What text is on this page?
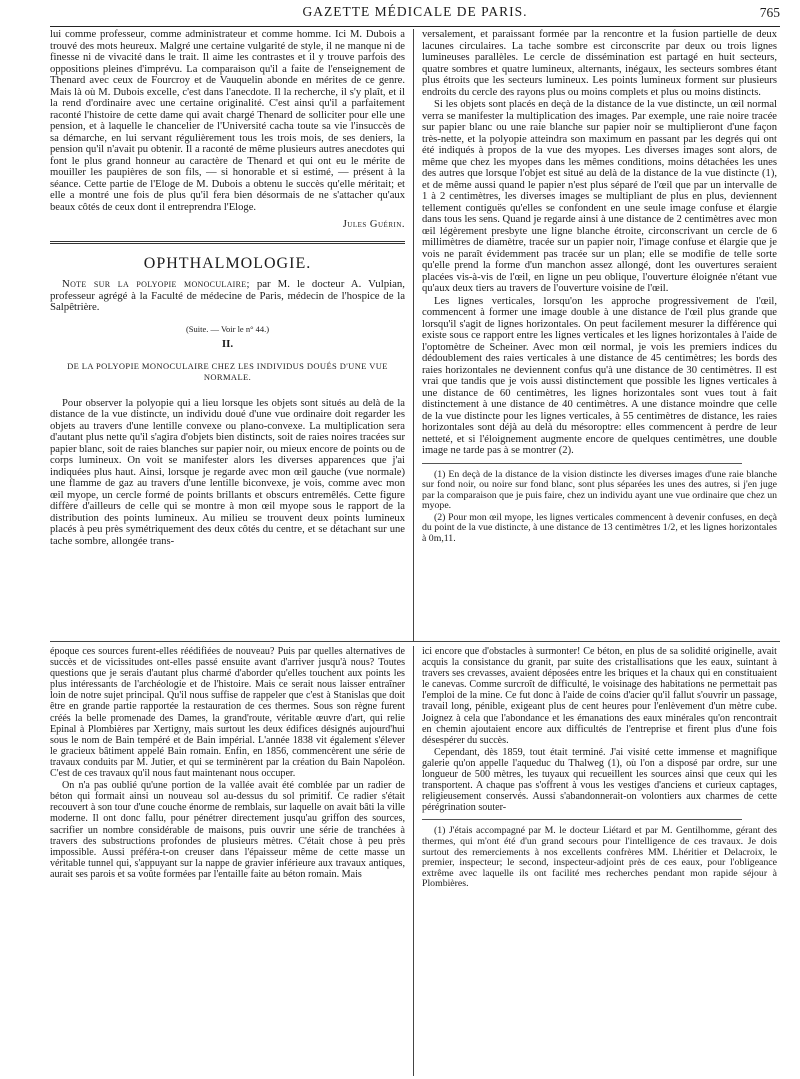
GAZETTE MÉDICALE DE PARIS.	765

lui comme professeur, comme administrateur et comme homme. Ici M. Dubois a trouvé des mots heureux. Malgré une certaine vulgarité de style, il ne manque ni de finesse ni de vivacité dans le trait. Il aime les contrastes et il y trouve parfois des oppositions pleines d'imprévu. La comparaison qu'il a faite de l'enseignement de Thenard avec ceux de Fourcroy et de Vauquelin abonde en mérites de ce genre. Mais là où M. Dubois excelle, c'est dans l'anecdote. Il la recherche, il s'y plaît, et il la rend d'ordinaire avec une certaine originalité. C'est ainsi qu'il a parfaitement raconté l'histoire de cette dame qui avait chargé Thenard de solliciter pour elle une pension, et à laquelle le chancelier de l'Université cacha toute sa vie l'insuccès de sa démarche, en lui servant régulièrement tous les trois mois, de ses deniers, la pension qu'il n'avait pu obtenir. Il a raconté de même plusieurs autres anecdotes qui font le plus grand honneur au caractère de Thenard et qui ont eu le mérite de mouiller les paupières de son fils, — si honorable et si estimé, — présent à la séance. Cette partie de l'Eloge de M. Dubois a obtenu le succès qu'elle méritait; et elle a montré une fois de plus qu'il fera bien désormais de ne s'attacher qu'aux beaux côtés de ceux dont il entreprendra l'Eloge.

Jules Guérin.
OPHTHALMOLOGIE.
Note sur la polyopie monoculaire; par M. le docteur A. Vulpian, professeur agrégé à la Faculté de médecine de Paris, médecin de l'hospice de la Salpêtrière.
(Suite. — Voir le n° 44.)
II.
DE LA POLYOPIE MONOCULAIRE CHEZ LES INDIVIDUS DOUÉS D'UNE VUE NORMALE.

Pour observer la polyopie qui a lieu lorsque les objets sont situés au delà de la distance de la vue distincte, un individu doué d'une vue ordinaire doit regarder les objets au travers d'une lentille convexe ou plano-convexe. La multiplication sera d'autant plus nette qu'il s'agira d'objets bien distincts, soit de raies noires tracées sur papier blanc, soit de raies blanches sur papier noir, ou mieux encore de points ou de corps lumineux. On voit se manifester alors les diverses apparences que j'ai indiquées plus haut. Ainsi, lorsque je regarde avec mon œil gauche (vue normale) une flamme de gaz au travers d'une lentille biconvexe, je vois, comme avec mon œil myope, un cercle formé de points brillants et obscurs entremêlés. Cette figure diffère d'ailleurs de celle qui se montre à mon œil myope sous le rapport de la distribution des points lumineux. Au milieu se trouvent deux points lumineux placés à peu près symétriquement des deux côtés du centre, et se détachant sur une tache sombre, allongée trans-

versalement, et paraissant formée par la rencontre et la fusion partielle de deux lacunes circulaires. La tache sombre est circonscrite par deux ou trois lignes lumineuses parallèles. Le cercle de dissémination est partagé en huit secteurs, quatre sombres et quatre lumineux, alternants, inégaux, les secteurs sombres étant plus étroits que les secteurs lumineux. Les points lumineux forment sur plusieurs endroits du cercle des rayons plus ou moins complets et plus ou moins distincts.

Si les objets sont placés en deçà de la distance de la vue distincte, un œil normal verra se manifester la multiplication des images. Par exemple, une raie noire tracée sur papier blanc ou une raie blanche sur papier noir se multiplieront d'une façon très-nette, et la polyopie atteindra son maximum en passant par les degrés qui ont été indiqués à propos de la vue des myopes. Les diverses images sont alors, de même que chez les myopes dans les mêmes conditions, moins détachées les unes des autres que lorsque l'objet est situé au delà de la distance de la vue distincte (1), et de même aussi quand le papier n'est plus séparé de l'œil que par un intervalle de 1 à 2 centimètres, les diverses images se multipliant de plus en plus, deviennent tellement contiguës qu'elles se confondent en une seule image confuse et élargie dans tous les sens. Quand je regarde ainsi à une distance de 2 centimètres avec mon œil légèrement presbyte une ligne blanche étroite, circonscrivant un cercle de 6 millimètres de diamètre, tracée sur un papier noir, l'image confuse et élargie que je vois ne paraît évidemment pas tracée sur un plan; elle se modifie de telle sorte qu'elle prend la forme d'un manchon assez allongé, dont les ouvertures seraient placées vis-à-vis de l'œil, en ligne un peu oblique, l'ouverture éloignée n'étant vue qu'aux deux tiers au travers de l'ouverture voisine de l'œil.

Les lignes verticales, lorsqu'on les approche progressivement de l'œil, commencent à former une image double à une distance de l'œil plus grande que lorsqu'il s'agit de lignes horizontales. On peut facilement mesurer la différence qui existe sous ce rapport entre les lignes verticales et les lignes horizontales à l'aide de l'optomètre de Scheiner. Avec mon œil normal, je vois les premiers indices du dédoublement des raies verticales à une distance de 45 centimètres; les bords des raies horizontales ne deviennent confus qu'à une distance de 30 centimètres. Il est vrai que tandis que je vois aussi distinctement que possible les lignes verticales à une distance de 60 centimètres, les lignes horizontales sont vues tout à fait distinctement à une distance de 40 centimètres. A une distance moindre que celle de la vue distincte pour les lignes verticales, à 55 centimètres de distance, les raies horizontales sont déjà au delà du mésoroptre: elles commencent à perdre de leur netteté, et si l'éloignement augmente encore de quelques centimètres, une double image ne tarde pas à se montrer (2).

(1) En deçà de la distance de la vision distincte les diverses images d'une raie blanche sur fond noir, ou noire sur fond blanc, sont plus séparées les unes des autres, si j'en juge par la comparaison que je puis faire, chez un individu ayant une vue ordinaire que chez un myope.

(2) Pour mon œil myope, les lignes verticales commencent à devenir confuses, en deçà du point de la vue distincte, à une distance de 13 centimètres 1/2, et les lignes horizontales à 0m,11.

époque ces sources furent-elles réédifiées de nouveau? Puis par quelles alternatives de succès et de vicissitudes ont-elles passé ensuite avant d'arriver jusqu'à nous? Toutes questions que je serais d'autant plus charmé d'aborder qu'elles touchent aux points les plus intéressants de l'archéologie et de l'histoire. Mais ce serait nous laisser entraîner loin de notre sujet principal. Qu'il nous suffise de rappeler que c'est à Stanislas que doit être en grande partie rapportée la restauration de ces thermes. Sous son règne furent créés la belle promenade des Dames, la grand'route, véritable œuvre d'art, qui relie Epinal à Plombières par Xertigny, mais surtout les deux édifices désignés aujourd'hui sous le nom de Bain tempéré et de Bain impérial. L'année 1838 vit également s'élever le gracieux bâtiment appelé Bain romain. Enfin, en 1856, commencèrent une série de travaux conduits par M. Jutier, et qui se terminèrent par la création du Bain Napoléon. C'est de ces travaux qu'il nous faut maintenant nous occuper.

On n'a pas oublié qu'une portion de la vallée avait été comblée par un radier de béton qui formait ainsi un nouveau sol au-dessus du sol primitif. Ce radier s'était recouvert à son tour d'une couche énorme de remblais, sur laquelle on avait bâti la ville moderne. Il ont donc fallu, pour pénétrer directement jusqu'au griffon des sources, sacrifier un nombre considérable de maisons, puis ouvrir une série de tranchées à travers des substructions profondes de plusieurs mètres. C'était chose à peu près impossible. Aussi préféra-t-on creuser dans l'épaisseur même de cette masse un véritable tunnel qui, s'appuyant sur la nappe de gravier inférieure aux travaux antiques, aurait ses parois et sa voûte formées par l'entaille faite au béton romain. Mais

ici encore que d'obstacles à surmonter! Ce béton, en plus de sa solidité originelle, avait acquis la consistance du granit, par suite des cristallisations que les eaux, suintant à travers ses crevasses, avaient déposées entre les briques et la chaux qui en constituaient le canevas. Comme surcroît de difficulté, le voisinage des habitations ne permettait pas l'emploi de la mine. Ce fut donc à l'aide de coins d'acier qu'il fallut s'ouvrir un passage, travail long, pénible, exigeant plus de cent heures pour l'enlèvement d'un mètre cube. Joignez à cela que l'abondance et les émanations des eaux minérales qu'on rencontrait en chemin ajoutaient encore aux difficultés de l'entreprise et firent plus d'une fois désespérer du succès.

Cependant, dès 1859, tout était terminé. J'ai visité cette immense et magnifique galerie qu'on appelle l'aqueduc du Thalweg (1), où l'on a disposé par ordre, sur une longueur de 500 mètres, les tuyaux qui recueillent les sources ainsi que ceux qui les transportent. A chaque pas s'offrent à vous les vestiges d'anciens et curieux captages, religieusement conservés. Aussi s'abandonnerait-on volontiers aux charmes de cette pérégrination souter-

(1) J'étais accompagné par M. le docteur Liétard et par M. Gentilhomme, gérant des thermes, qui m'ont été d'un grand secours pour l'intelligence de ces travaux. Je dois surtout des remerciements à nos excellents confrères MM. Lhéritier et Delacroix, le premier, inspecteur; le second, inspecteur-adjoint près de ces eaux, pour l'obligeance extrême avec laquelle ils ont facilité mes recherches pendant mon rapide séjour à Plombières.
